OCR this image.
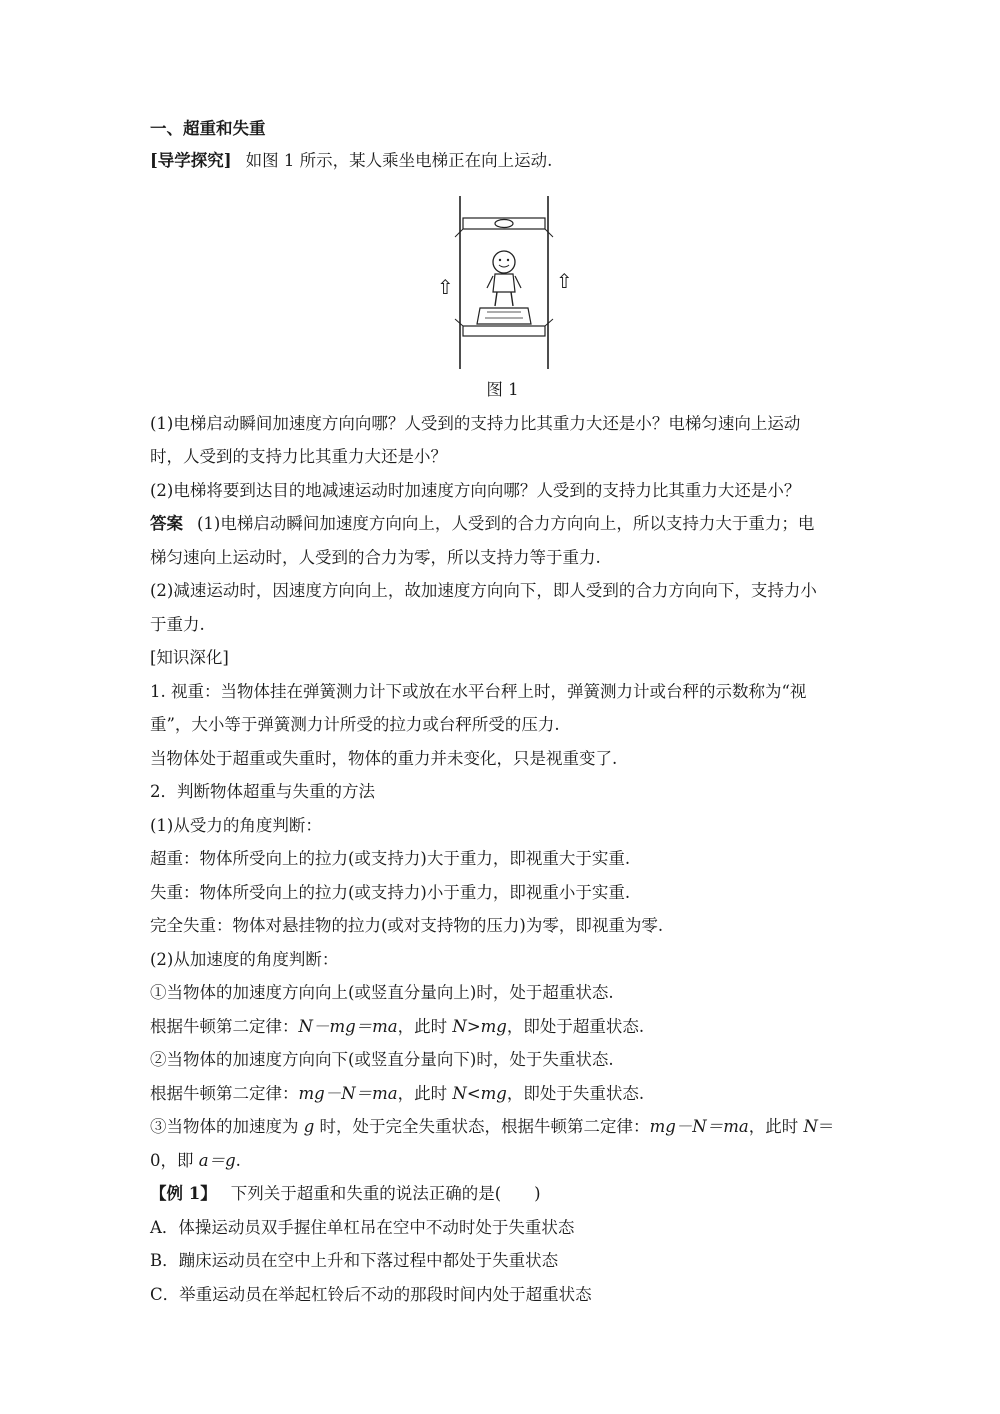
一、超重和失重
[导学探究] 如图 1 所示，某人乘坐电梯正在向上运动.
⇧	⇧
图 1
(1)电梯启动瞬间加速度方向向哪？人受到的支持力比其重力大还是小？电梯匀速向上运动
时，人受到的支持力比其重力大还是小？
(2)电梯将要到达目的地减速运动时加速度方向向哪？人受到的支持力比其重力大还是小？
答案 (1)电梯启动瞬间加速度方向向上，人受到的合力方向向上，所以支持力大于重力；电
梯匀速向上运动时，人受到的合力为零，所以支持力等于重力.
(2)减速运动时，因速度方向向上，故加速度方向向下，即人受到的合力方向向下，支持力小
于重力.
[知识深化]
1. 视重：当物体挂在弹簧测力计下或放在水平台秤上时，弹簧测力计或台秤的示数称为“视
重”，大小等于弹簧测力计所受的拉力或台秤所受的压力.
当物体处于超重或失重时，物体的重力并未变化，只是视重变了.
2．判断物体超重与失重的方法
(1)从受力的角度判断：
超重：物体所受向上的拉力(或支持力)大于重力，即视重大于实重.
失重：物体所受向上的拉力(或支持力)小于重力，即视重小于实重.
完全失重：物体对悬挂物的拉力(或对支持物的压力)为零，即视重为零.
(2)从加速度的角度判断：
①当物体的加速度方向向上(或竖直分量向上)时，处于超重状态.
根据牛顿第二定律：N－mg＝ma，此时 N>mg，即处于超重状态.
②当物体的加速度方向向下(或竖直分量向下)时，处于失重状态.
根据牛顿第二定律：mg－N＝ma，此时 N<mg，即处于失重状态.
③当物体的加速度为 g 时，处于完全失重状态，根据牛顿第二定律：mg－N＝ma，此时 N＝
0，即 a＝g.
【例 1】 下列关于超重和失重的说法正确的是(　　)
A．体操运动员双手握住单杠吊在空中不动时处于失重状态
B．蹦床运动员在空中上升和下落过程中都处于失重状态
C．举重运动员在举起杠铃后不动的那段时间内处于超重状态
